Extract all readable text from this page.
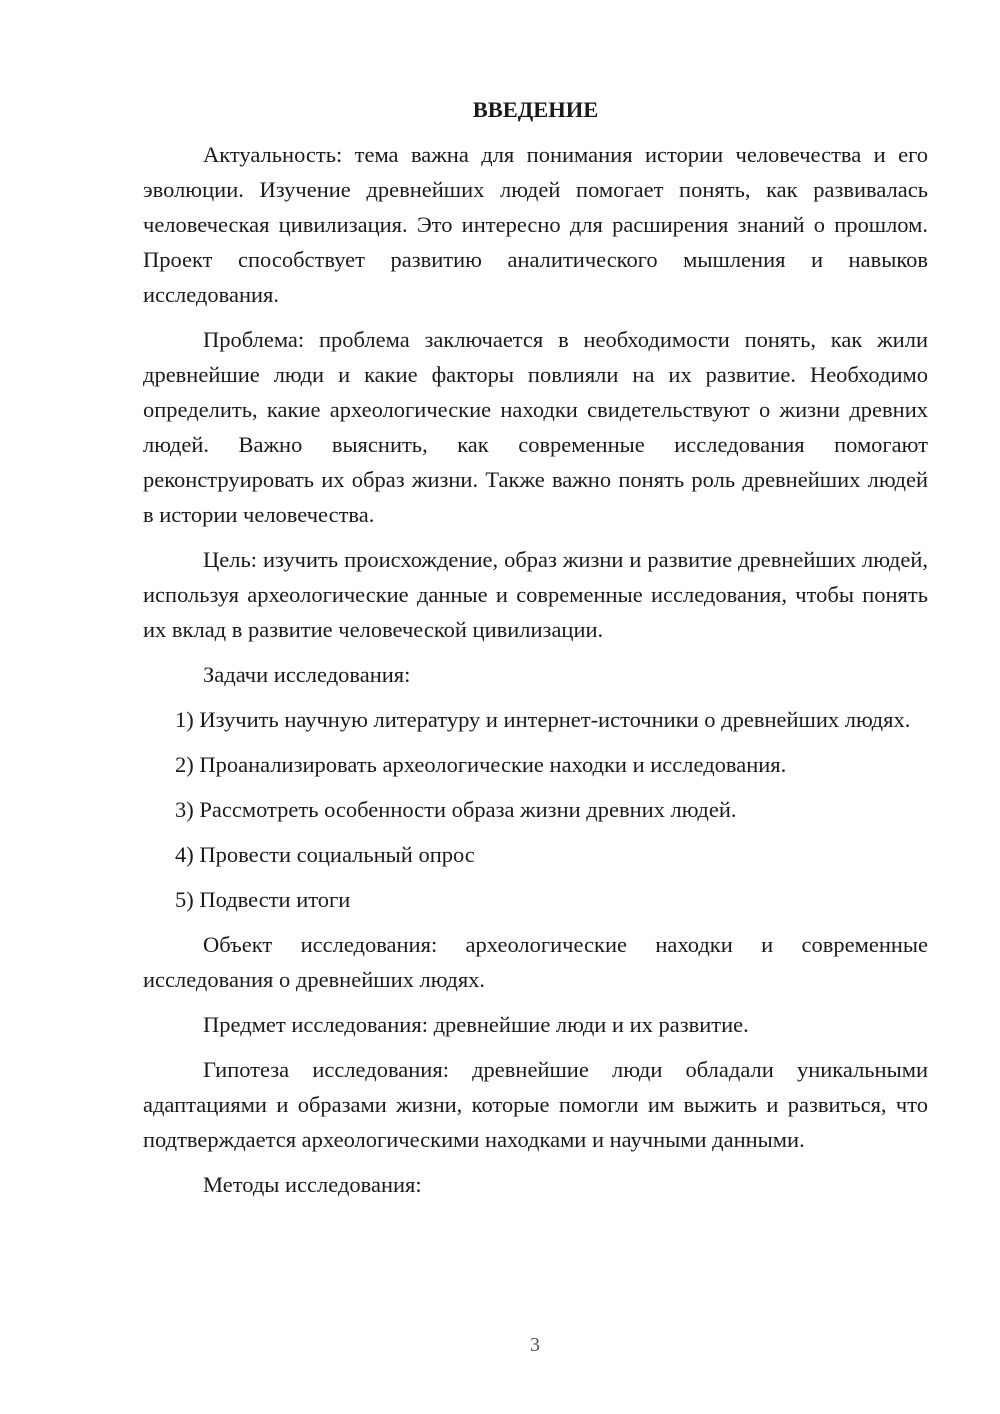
ВВЕДЕНИЕ

Актуальность: тема важна для понимания истории человечества и его эволюции. Изучение древнейших людей помогает понять, как развивалась человеческая цивилизация. Это интересно для расширения знаний о прошлом. Проект способствует развитию аналитического мышления и навыков исследования.

Проблема: проблема заключается в необходимости понять, как жили древнейшие люди и какие факторы повлияли на их развитие. Необходимо определить, какие археологические находки свидетельствуют о жизни древних людей. Важно выяснить, как современные исследования помогают реконструировать их образ жизни. Также важно понять роль древнейших людей в истории человечества.

Цель: изучить происхождение, образ жизни и развитие древнейших людей, используя археологические данные и современные исследования, чтобы понять их вклад в развитие человеческой цивилизации.

Задачи исследования:

1) Изучить научную литературу и интернет-источники о древнейших людях.

2) Проанализировать археологические находки и исследования.

3) Рассмотреть особенности образа жизни древних людей.

4) Провести социальный опрос

5) Подвести итоги

Объект исследования: археологические находки и современные исследования о древнейших людях.

Предмет исследования: древнейшие люди и их развитие.

Гипотеза исследования: древнейшие люди обладали уникальными адаптациями и образами жизни, которые помогли им выжить и развиться, что подтверждается археологическими находками и научными данными.

Методы исследования:

3
